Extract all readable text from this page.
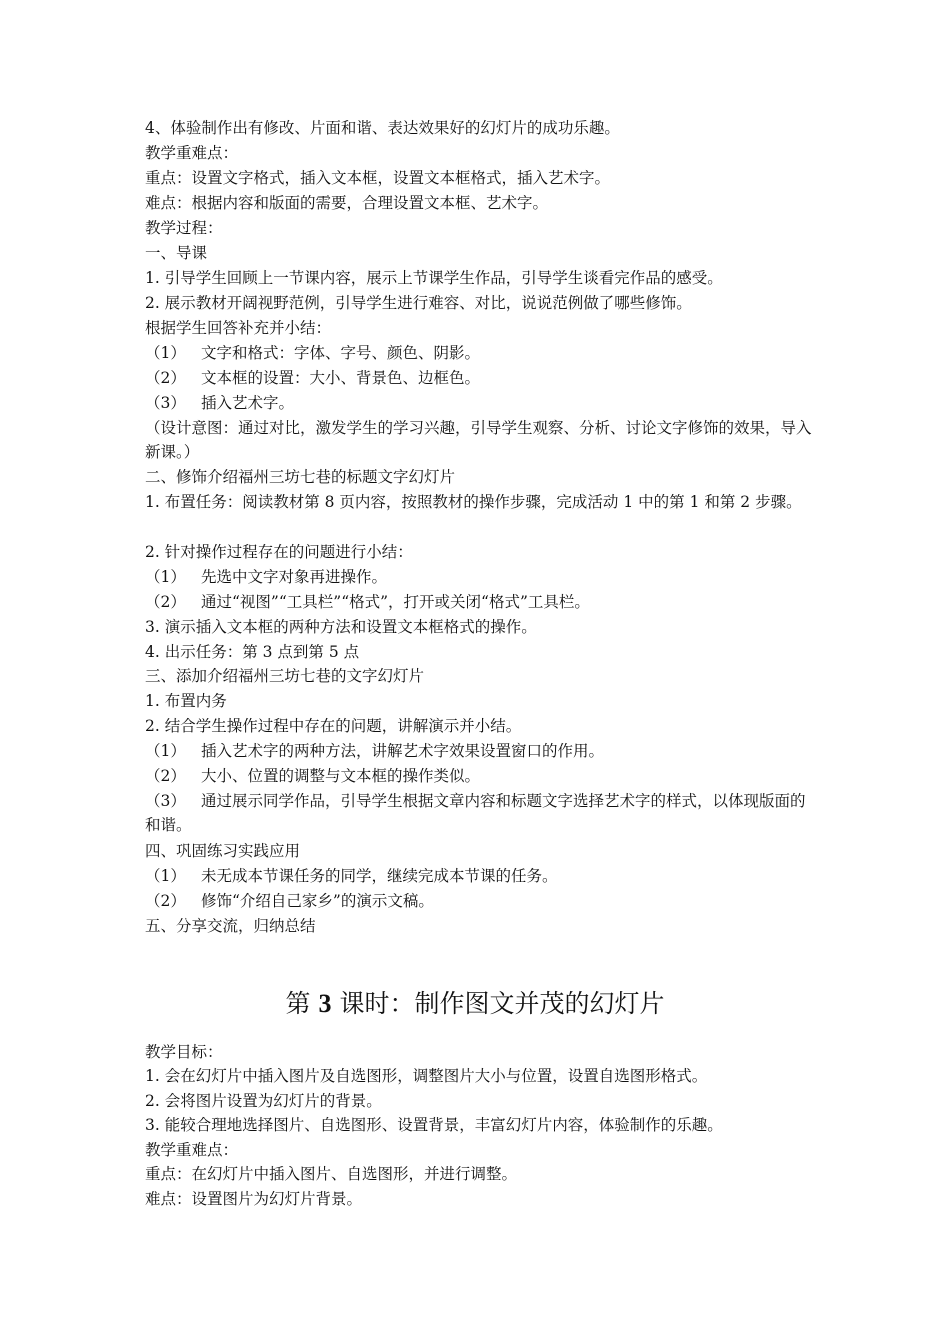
4、体验制作出有修改、片面和谐、表达效果好的幻灯片的成功乐趣。
教学重难点：
重点：设置文字格式，插入文本框，设置文本框格式，插入艺术字。
难点：根据内容和版面的需要，合理设置文本框、艺术字。
教学过程：
一、导课
1. 引导学生回顾上一节课内容，展示上节课学生作品，引导学生谈看完作品的感受。
2. 展示教材开阔视野范例，引导学生进行难容、对比，说说范例做了哪些修饰。
根据学生回答补充并小结：
（1） 文字和格式：字体、字号、颜色、阴影。
（2） 文本框的设置：大小、背景色、边框色。
（3） 插入艺术字。
（设计意图：通过对比，激发学生的学习兴趣，引导学生观察、分析、讨论文字修饰的效果，导入新课。）
二、修饰介绍福州三坊七巷的标题文字幻灯片
1. 布置任务：阅读教材第 8 页内容，按照教材的操作步骤，完成活动 1 中的第 1 和第 2 步骤。
2. 针对操作过程存在的问题进行小结：
（1） 先选中文字对象再进操作。
（2） 通过“视图”“工具栏”“格式”，打开或关闭“格式”工具栏。
3. 演示插入文本框的两种方法和设置文本框格式的操作。
4. 出示任务：第 3 点到第 5 点
三、添加介绍福州三坊七巷的文字幻灯片
1. 布置内务
2. 结合学生操作过程中存在的问题，讲解演示并小结。
（1） 插入艺术字的两种方法，讲解艺术字效果设置窗口的作用。
（2） 大小、位置的调整与文本框的操作类似。
（3） 通过展示同学作品，引导学生根据文章内容和标题文字选择艺术字的样式，以体现版面的和谐。
四、巩固练习实践应用
（1） 未无成本节课任务的同学，继续完成本节课的任务。
（2） 修饰“介绍自己家乡”的演示文稿。
五、分享交流，归纳总结
第 3 课时：制作图文并茂的幻灯片
教学目标：
1. 会在幻灯片中插入图片及自选图形，调整图片大小与位置，设置自选图形格式。
2. 会将图片设置为幻灯片的背景。
3. 能较合理地选择图片、自选图形、设置背景，丰富幻灯片内容，体验制作的乐趣。
教学重难点：
重点：在幻灯片中插入图片、自选图形，并进行调整。
难点：设置图片为幻灯片背景。
